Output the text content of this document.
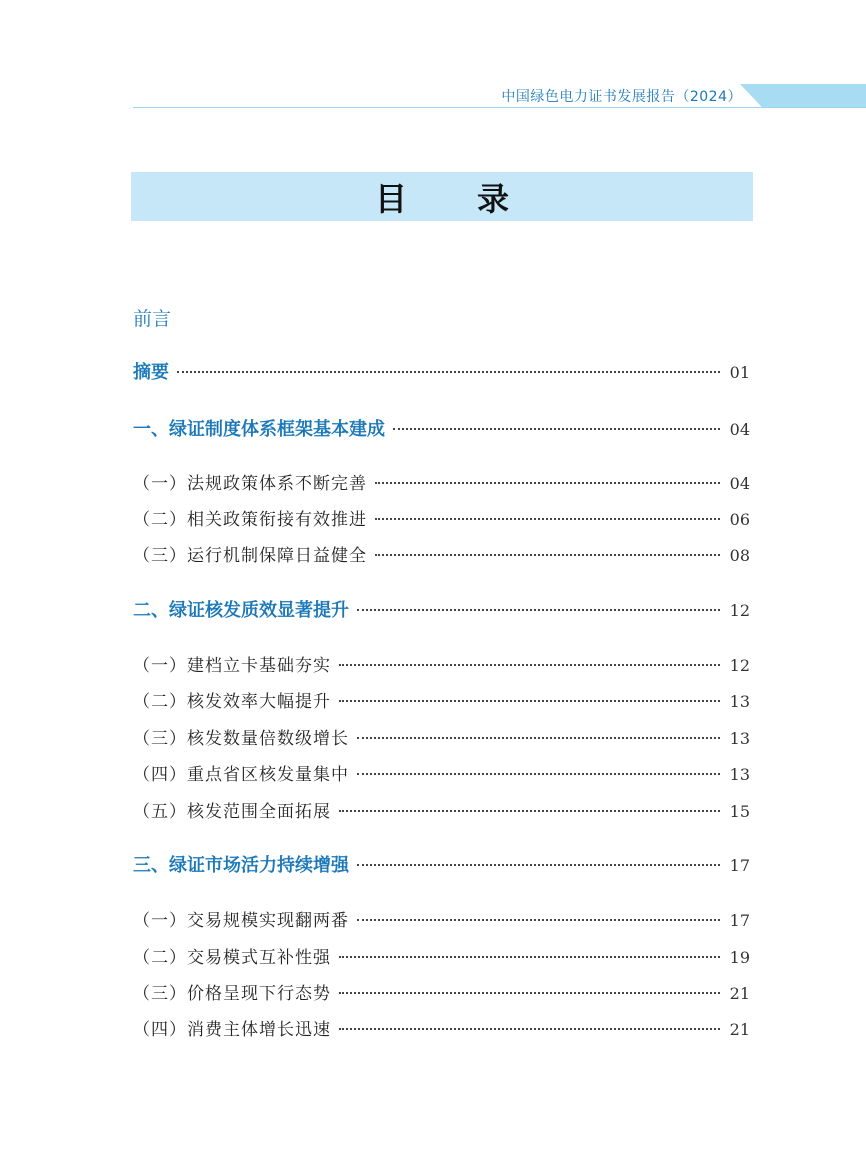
中国绿色电力证书发展报告（2024）
目录
前言
摘要	01
一、绿证制度体系框架基本建成	04
（一）法规政策体系不断完善	04
（二）相关政策衔接有效推进	06
（三）运行机制保障日益健全	08
二、绿证核发质效显著提升	12
（一）建档立卡基础夯实	12
（二）核发效率大幅提升	13
（三）核发数量倍数级增长	13
（四）重点省区核发量集中	13
（五）核发范围全面拓展	15
三、绿证市场活力持续增强	17
（一）交易规模实现翻两番	17
（二）交易模式互补性强	19
（三）价格呈现下行态势	21
（四）消费主体增长迅速	21
